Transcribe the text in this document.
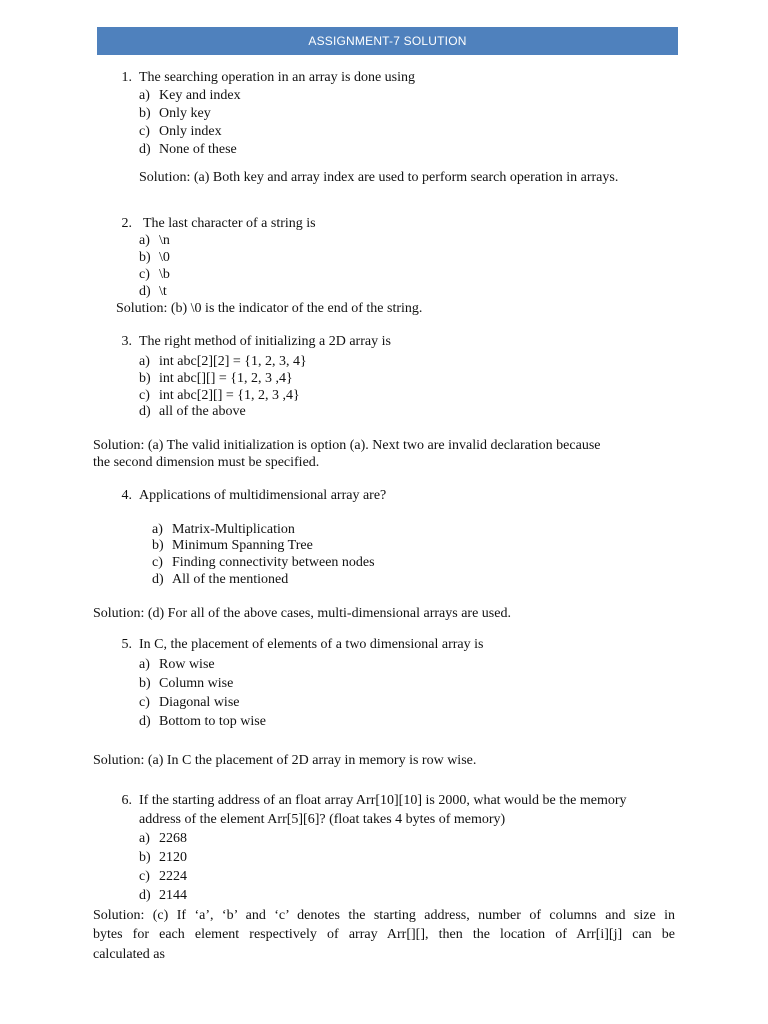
ASSIGNMENT-7 SOLUTION
1. The searching operation in an array is done using
a) Key and index
b) Only key
c) Only index
d) None of these
Solution: (a) Both key and array index are used to perform search operation in arrays.
2. The last character of a string is
a) \n
b) \0
c) \b
d) \t
Solution: (b) \0 is the indicator of the end of the string.
3. The right method of initializing a 2D array is
a) int abc[2][2] = {1, 2, 3, 4}
b) int abc[][] = {1, 2, 3 ,4}
c) int abc[2][] = {1, 2, 3 ,4}
d) all of the above
Solution: (a) The valid initialization is option (a). Next two are invalid declaration because
the second dimension must be specified.
4. Applications of multidimensional array are?
a) Matrix-Multiplication
b) Minimum Spanning Tree
c) Finding connectivity between nodes
d) All of the mentioned
Solution: (d) For all of the above cases, multi-dimensional arrays are used.
5. In C, the placement of elements of a two dimensional array is
a) Row wise
b) Column wise
c) Diagonal wise
d) Bottom to top wise
Solution: (a) In C the placement of 2D array in memory is row wise.
6. If the starting address of an float array Arr[10][10] is 2000, what would be the memory
address of the element Arr[5][6]? (float takes 4 bytes of memory)
a) 2268
b) 2120
c) 2224
d) 2144
Solution: (c) If ‘a’, ‘b’ and ‘c’ denotes the starting address, number of columns and size in
bytes for each element respectively of array Arr[][], then the location of Arr[i][j] can be
calculated as
